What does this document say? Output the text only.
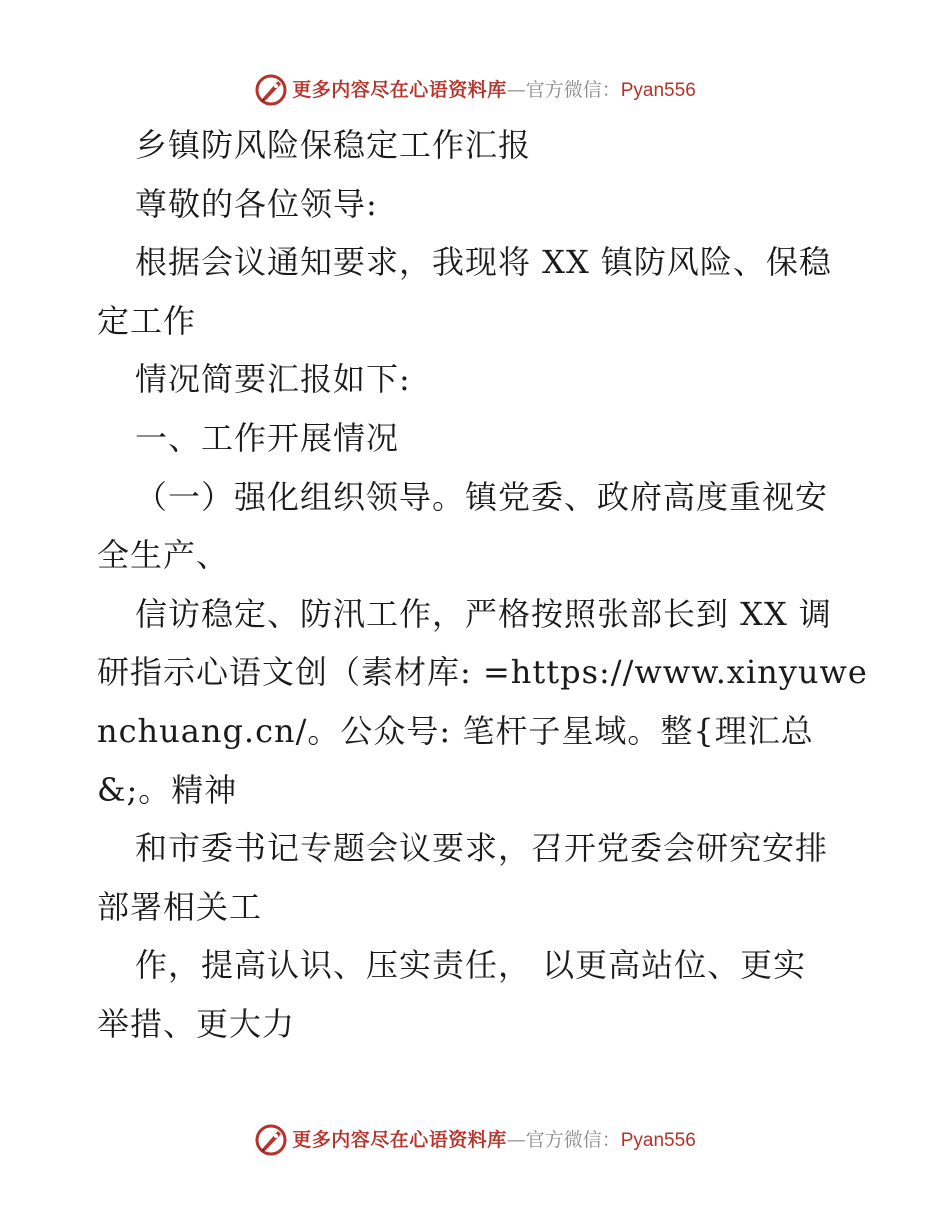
更多内容尽在心语资料库 — 官方微信： Pyan556
乡镇防风险保稳定工作汇报
尊敬的各位领导:
根据会议通知要求，我现将 XX 镇防风险、保稳
定工作
情况简要汇报如下:
一、工作开展情况
（一）强化组织领导。镇党委、政府高度重视安
全生产、
信访稳定、防汛工作，严格按照张部长到 XX 调
研指示心语文创（素材库: =https://www.xinyuwe
nchuang.cn/。公众号: 笔杆子星域。整{理汇总
&;。精神
和市委书记专题会议要求，召开党委会研究安排
部署相关工
作，提高认识、压实责任， 以更高站位、更实
举措、更大力
更多内容尽在心语资料库 — 官方微信： Pyan556
